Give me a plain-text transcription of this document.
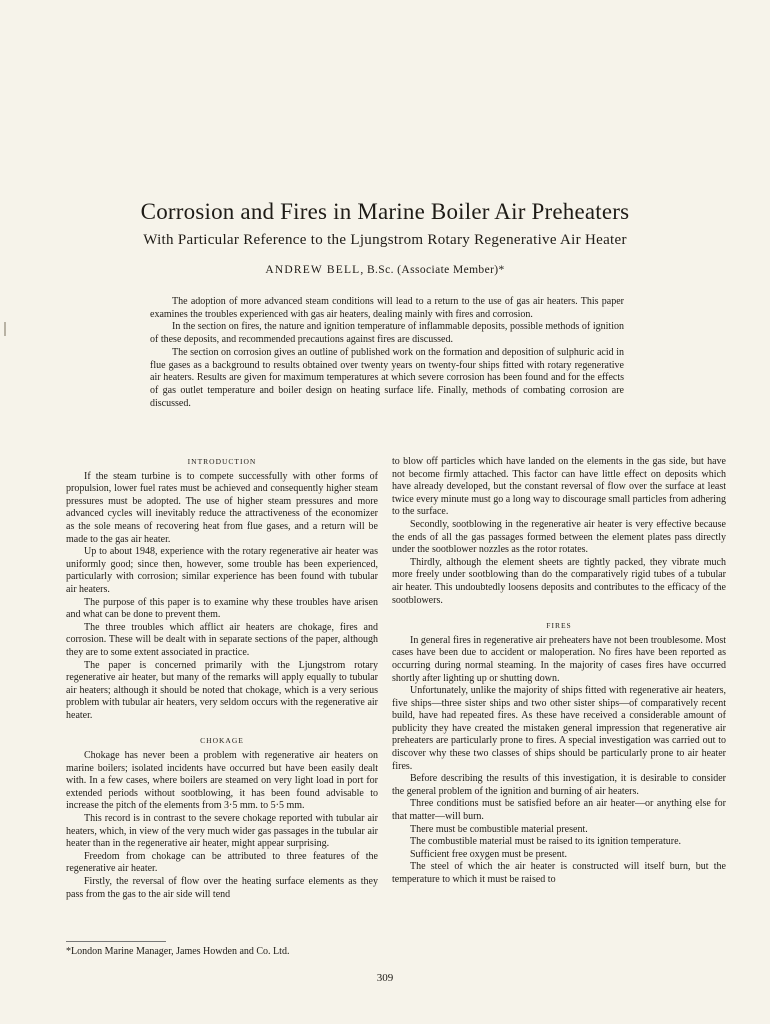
Corrosion and Fires in Marine Boiler Air Preheaters
With Particular Reference to the Ljungstrom Rotary Regenerative Air Heater
ANDREW BELL, B.Sc. (Associate Member)*

The adoption of more advanced steam conditions will lead to a return to the use of gas air heaters. This paper examines the troubles experienced with gas air heaters, dealing mainly with fires and corrosion.

In the section on fires, the nature and ignition temperature of inflammable deposits, possible methods of ignition of these deposits, and recommended precautions against fires are discussed.

The section on corrosion gives an outline of published work on the formation and deposition of sulphuric acid in flue gases as a background to results obtained over twenty years on twenty-four ships fitted with rotary regenerative air heaters. Results are given for maximum temperatures at which severe corrosion has been found and for the effects of gas outlet temperature and boiler design on heating surface life. Finally, methods of combating corrosion are discussed.

INTRODUCTION

If the steam turbine is to compete successfully with other forms of propulsion, lower fuel rates must be achieved and consequently higher steam pressures must be adopted. The use of higher steam pressures and more advanced cycles will inevitably reduce the attractiveness of the economizer as the sole means of recovering heat from flue gases, and a return will be made to the gas air heater.

Up to about 1948, experience with the rotary regenerative air heater was uniformly good; since then, however, some trouble has been experienced, particularly with corrosion; similar experience has been found with tubular air heaters.

The purpose of this paper is to examine why these troubles have arisen and what can be done to prevent them.

The three troubles which afflict air heaters are chokage, fires and corrosion. These will be dealt with in separate sections of the paper, although they are to some extent associated in practice.

The paper is concerned primarily with the Ljungstrom rotary regenerative air heater, but many of the remarks will apply equally to tubular air heaters; although it should be noted that chokage, which is a very serious problem with tubular air heaters, very seldom occurs with the regenerative air heater.

CHOKAGE

Chokage has never been a problem with regenerative air heaters on marine boilers; isolated incidents have occurred but have been easily dealt with. In a few cases, where boilers are steamed on very light load in port for extended periods without sootblowing, it has been found advisable to increase the pitch of the elements from 3·5 mm. to 5·5 mm.

This record is in contrast to the severe chokage reported with tubular air heaters, which, in view of the very much wider gas passages in the tubular air heater than in the regenerative air heater, might appear surprising.

Freedom from chokage can be attributed to three features of the regenerative air heater.

Firstly, the reversal of flow over the heating surface elements as they pass from the gas to the air side will tend

to blow off particles which have landed on the elements in the gas side, but have not become firmly attached. This factor can have little effect on deposits which have already developed, but the constant reversal of flow over the surface at least twice every minute must go a long way to discourage small particles from adhering to the surface.

Secondly, sootblowing in the regenerative air heater is very effective because the ends of all the gas passages formed between the element plates pass directly under the sootblower nozzles as the rotor rotates.

Thirdly, although the element sheets are tightly packed, they vibrate much more freely under sootblowing than do the comparatively rigid tubes of a tubular air heater. This undoubtedly loosens deposits and contributes to the efficacy of the sootblowers.

FIRES

In general fires in regenerative air preheaters have not been troublesome. Most cases have been due to accident or maloperation. No fires have been reported as occurring during normal steaming. In the majority of cases fires have occurred shortly after lighting up or shutting down.

Unfortunately, unlike the majority of ships fitted with regenerative air heaters, five ships—three sister ships and two other sister ships—of comparatively recent build, have had repeated fires. As these have received a considerable amount of publicity they have created the mistaken general impression that regenerative air preheaters are particularly prone to fires. A special investigation was carried out to discover why these two classes of ships should be particularly prone to air heater fires.

Before describing the results of this investigation, it is desirable to consider the general problem of the ignition and burning of air heaters.

Three conditions must be satisfied before an air heater—or anything else for that matter—will burn.

There must be combustible material present.

The combustible material must be raised to its ignition temperature.

Sufficient free oxygen must be present.

The steel of which the air heater is constructed will itself burn, but the temperature to which it must be raised to

*London Marine Manager, James Howden and Co. Ltd.
309
